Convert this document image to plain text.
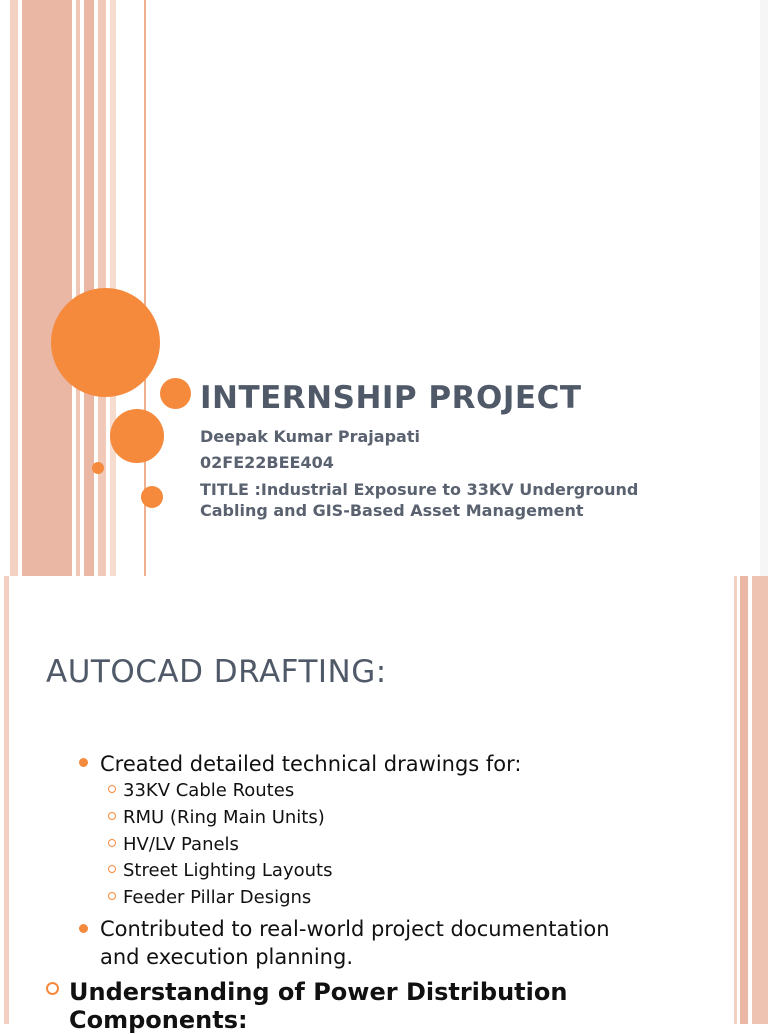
INTERNSHIP PROJECT
Deepak Kumar Prajapati
02FE22BEE404
TITLE :Industrial Exposure to 33KV Underground
Cabling and GIS-Based Asset Management
AUTOCAD DRAFTING:
Created detailed technical drawings for:
33KV Cable Routes
RMU (Ring Main Units)
HV/LV Panels
Street Lighting Layouts
Feeder Pillar Designs
Contributed to real-world project documentation
and execution planning.
Understanding of Power Distribution
Components:
